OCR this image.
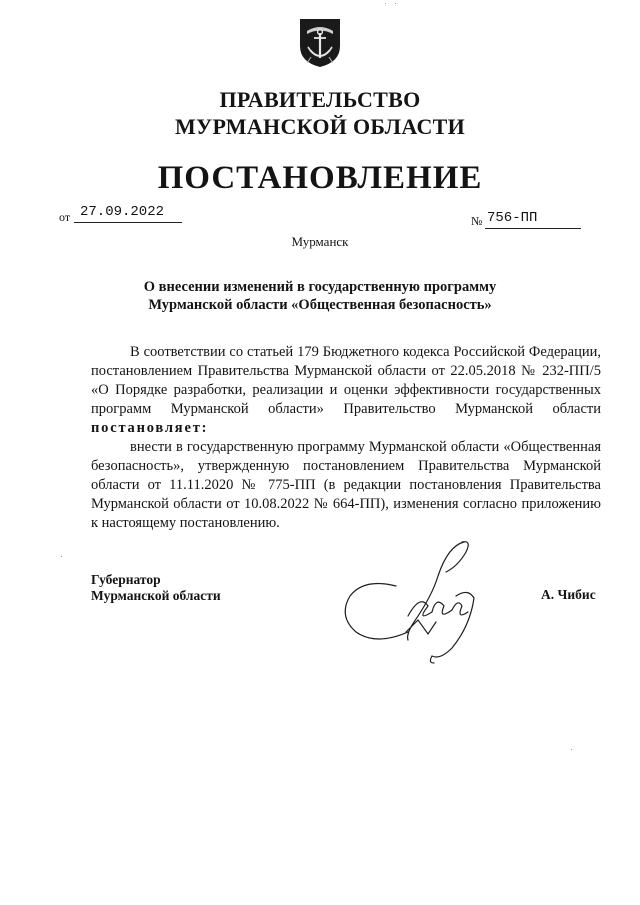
ПРАВИТЕЛЬСТВО
МУРМАНСКОЙ ОБЛАСТИ
ПОСТАНОВЛЕНИЕ
от 27.09.2022
№ 756-ПП
Мурманск
О внесении изменений в государственную программу
Мурманской области «Общественная безопасность»

В соответствии со статьей 179 Бюджетного кодекса Российской Федерации, постановлением Правительства Мурманской области от 22.05.2018 № 232-ПП/5 «О Порядке разработки, реализации и оценки эффективности государственных программ Мурманской области» Правительство Мурманской области постановляет:

внести в государственную программу Мурманской области «Общественная безопасность», утвержденную постановлением Правительства Мурманской области от 11.11.2020 № 775-ПП (в редакции постановления Правительства Мурманской области от 10.08.2022 № 664-ПП), изменения согласно приложению к настоящему постановлению.

Губернатор
Мурманской области	А. Чибис
